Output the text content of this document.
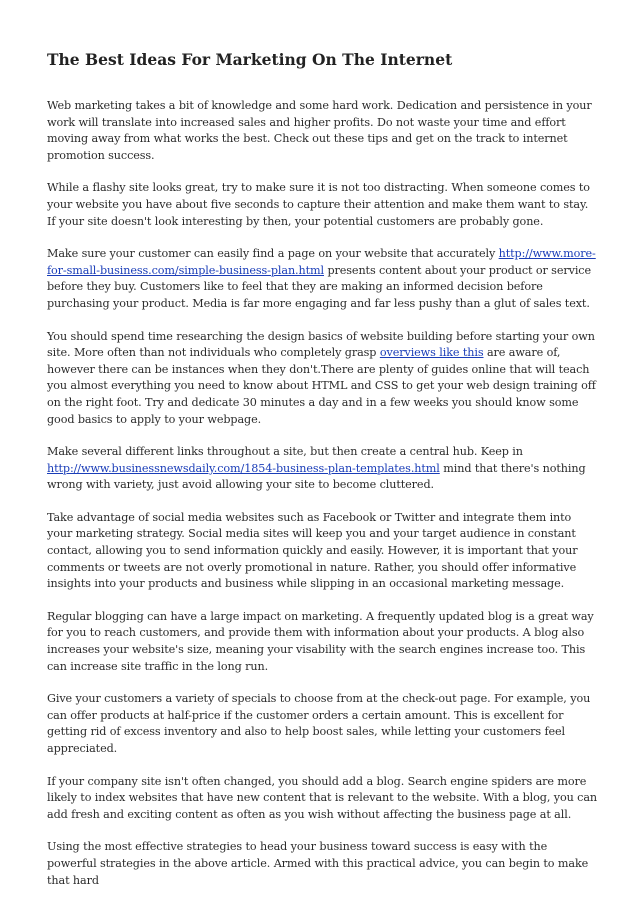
The Best Ideas For Marketing On The Internet

Web marketing takes a bit of knowledge and some hard work. Dedication and persistence in your work will translate into increased sales and higher profits. Do not waste your time and effort moving away from what works the best. Check out these tips and get on the track to internet promotion success.

While a flashy site looks great, try to make sure it is not too distracting. When someone comes to your website you have about five seconds to capture their attention and make them want to stay. If your site doesn't look interesting by then, your potential customers are probably gone.

Make sure your customer can easily find a page on your website that accurately http://www.more-for-small-business.com/simple-business-plan.html presents content about your product or service before they buy. Customers like to feel that they are making an informed decision before purchasing your product. Media is far more engaging and far less pushy than a glut of sales text.

You should spend time researching the design basics of website building before starting your own site. More often than not individuals who completely grasp overviews like this are aware of, however there can be instances when they don't.There are plenty of guides online that will teach you almost everything you need to know about HTML and CSS to get your web design training off on the right foot. Try and dedicate 30 minutes a day and in a few weeks you should know some good basics to apply to your webpage.

Make several different links throughout a site, but then create a central hub. Keep in http://www.businessnewsdaily.com/1854-business-plan-templates.html mind that there's nothing wrong with variety, just avoid allowing your site to become cluttered.

Take advantage of social media websites such as Facebook or Twitter and integrate them into your marketing strategy. Social media sites will keep you and your target audience in constant contact, allowing you to send information quickly and easily. However, it is important that your comments or tweets are not overly promotional in nature. Rather, you should offer informative insights into your products and business while slipping in an occasional marketing message.

Regular blogging can have a large impact on marketing. A frequently updated blog is a great way for you to reach customers, and provide them with information about your products. A blog also increases your website's size, meaning your visability with the search engines increase too. This can increase site traffic in the long run.

Give your customers a variety of specials to choose from at the check-out page. For example, you can offer products at half-price if the customer orders a certain amount. This is excellent for getting rid of excess inventory and also to help boost sales, while letting your customers feel appreciated.

If your company site isn't often changed, you should add a blog. Search engine spiders are more likely to index websites that have new content that is relevant to the website. With a blog, you can add fresh and exciting content as often as you wish without affecting the business page at all.

Using the most effective strategies to head your business toward success is easy with the powerful strategies in the above article. Armed with this practical advice, you can begin to make that hard
